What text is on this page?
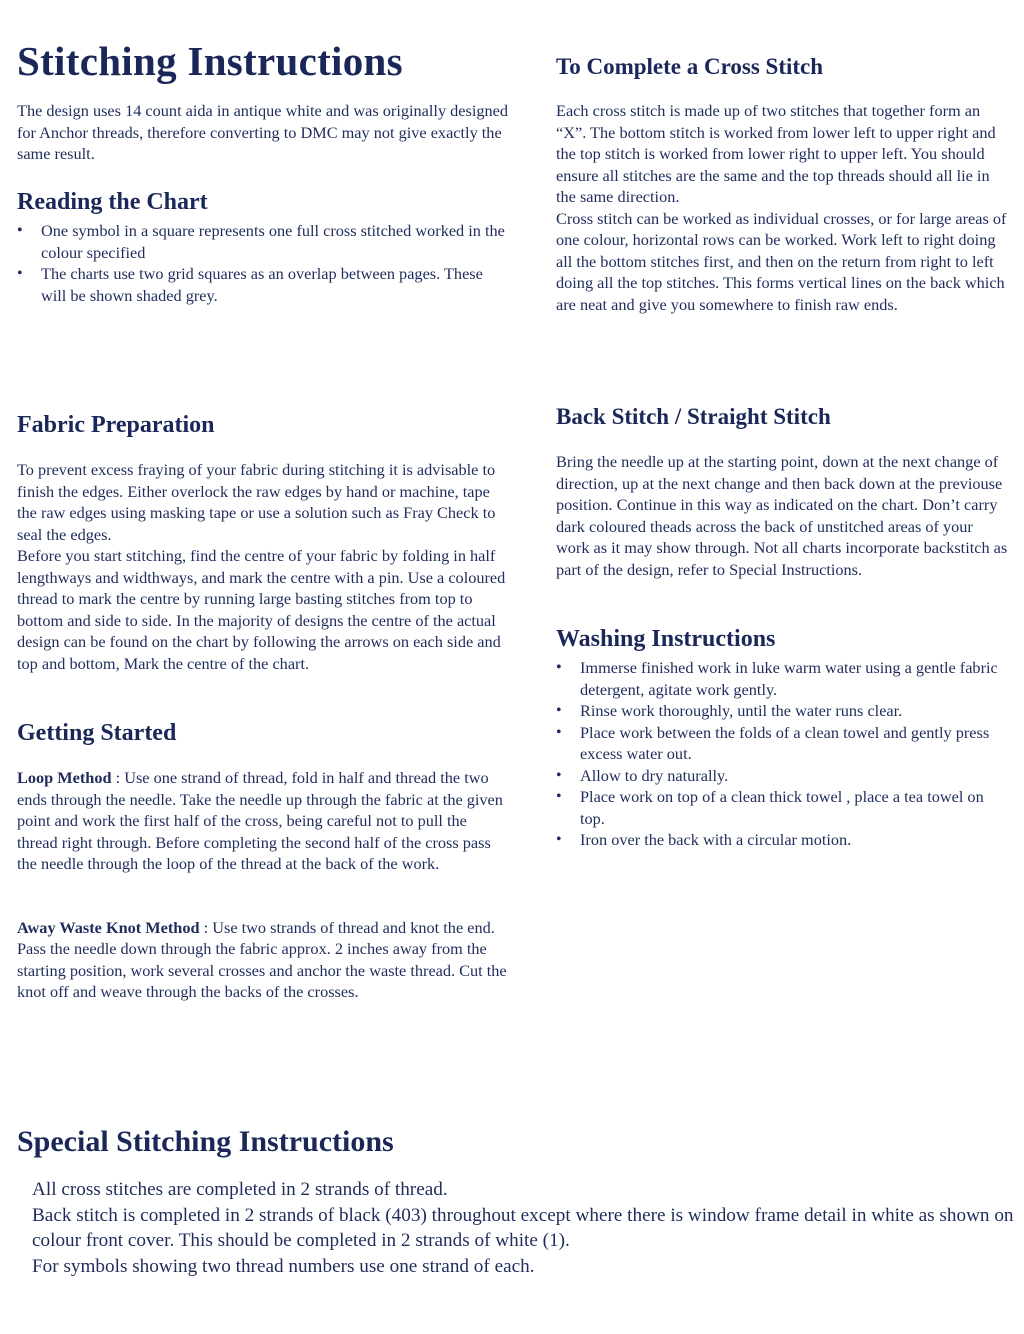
Stitching Instructions

The design uses 14 count aida in antique white and was originally designed for Anchor threads, therefore converting to DMC may not give exactly the same result.

Reading the Chart
• One symbol in a square represents one full cross stitched worked in the colour specified
• The charts use two grid squares as an overlap between pages. These will be shown shaded grey.
Fabric Preparation

To prevent excess fraying of your fabric during stitching it is advisable to finish the edges. Either overlock the raw edges by hand or machine, tape the raw edges using masking tape or use a solution such as Fray Check to seal the edges.

Before you start stitching, find the centre of your fabric by folding in half lengthways and widthways, and mark the centre with a pin. Use a coloured thread to mark the centre by running large basting stitches from top to bottom and side to side. In the majority of designs the centre of the actual design can be found on the chart by following the arrows on each side and top and bottom, Mark the centre of the chart.

Getting Started

Loop Method : Use one strand of thread, fold in half and thread the two ends through the needle. Take the needle up through the fabric at the given point and work the first half of the cross, being careful not to pull the thread right through. Before completing the second half of the cross pass the needle through the loop of the thread at the back of the work.

Away Waste Knot Method : Use two strands of thread and knot the end. Pass the needle down through the fabric approx. 2 inches away from the starting position, work several crosses and anchor the waste thread. Cut the knot off and weave through the backs of the crosses.

To Complete a Cross Stitch

Each cross stitch is made up of two stitches that together form an “X”. The bottom stitch is worked from lower left to upper right and the top stitch is worked from lower right to upper left. You should ensure all stitches are the same and the top threads should all lie in the same direction.

Cross stitch can be worked as individual crosses, or for large areas of one colour, horizontal rows can be worked. Work left to right doing all the bottom stitches first, and then on the return from right to left doing all the top stitches. This forms vertical lines on the back which are neat and give you somewhere to finish raw ends.

Back Stitch / Straight Stitch

Bring the needle up at the starting point, down at the next change of direction, up at the next change and then back down at the previouse position. Continue in this way as indicated on the chart. Don’t carry dark coloured theads across the back of unstitched areas of your work as it may show through. Not all charts incorporate backstitch as part of the design, refer to Special Instructions.

Washing Instructions
• Immerse finished work in luke warm water using a gentle fabric detergent, agitate work gently.
• Rinse work thoroughly, until the water runs clear.
• Place work between the folds of a clean towel and gently press excess water out.
• Allow to dry naturally.
• Place work on top of a clean thick towel , place a tea towel on top.
• Iron over the back with a circular motion.
Special Stitching Instructions
All cross stitches are completed in 2 strands of thread.
Back stitch is completed in 2 strands of black (403) throughout except where there is window frame detail in white as shown on colour front cover. This should be completed in 2 strands of white (1).
For symbols showing two thread numbers use one strand of each.
